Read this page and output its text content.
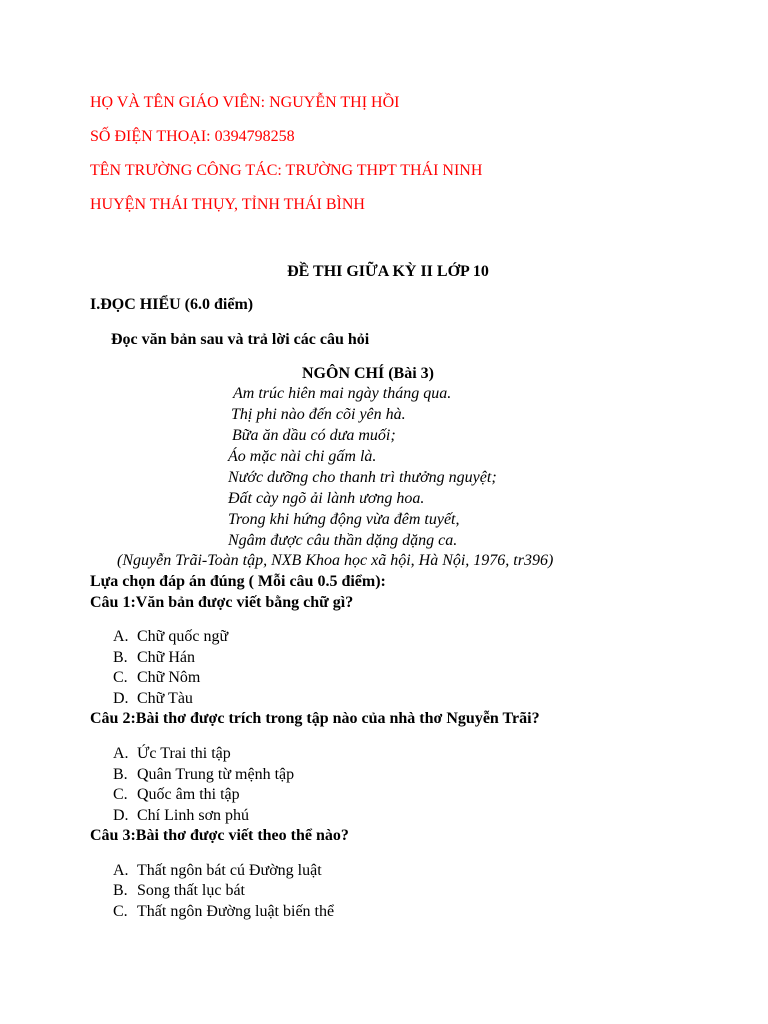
HỌ VÀ TÊN GIÁO VIÊN: NGUYỄN THỊ HỒI
SỐ ĐIỆN THOẠI: 0394798258
TÊN TRƯỜNG CÔNG TÁC: TRƯỜNG THPT THÁI NINH
HUYỆN THÁI THỤY, TỈNH THÁI BÌNH
ĐỀ THI GIỮA KỲ II LỚP 10
I.ĐỌC HIỂU (6.0 điểm)
Đọc văn bản sau và trả lời các câu hỏi
NGÔN CHÍ (Bài 3)
Am trúc hiên mai ngày tháng qua.
Thị phi nào đến cõi yên hà.
Bữa ăn dầu có dưa muối;
Áo mặc nài chi gấm là.
Nước dưỡng cho thanh trì thưởng nguyệt;
Đất cày ngõ ải lành ương hoa.
Trong khi hứng động vừa đêm tuyết,
Ngâm được câu thần dặng dặng ca.
(Nguyễn Trãi-Toàn tập, NXB Khoa học xã hội, Hà Nội, 1976, tr396)
Lựa chọn đáp án đúng ( Mỗi câu 0.5 điểm):
Câu 1:Văn bản được viết bằng chữ gì?
A. Chữ quốc ngữ
B. Chữ Hán
C. Chữ Nôm
D. Chữ Tàu
Câu 2:Bài thơ được trích trong tập nào của nhà thơ Nguyễn Trãi?
A. Ức Trai thi tập
B. Quân Trung từ mệnh tập
C. Quốc âm thi tập
D. Chí Linh sơn phú
Câu 3:Bài thơ được viết theo thể nào?
A. Thất ngôn bát cú Đường luật
B. Song thất lục bát
C. Thất ngôn Đường luật biến thể
